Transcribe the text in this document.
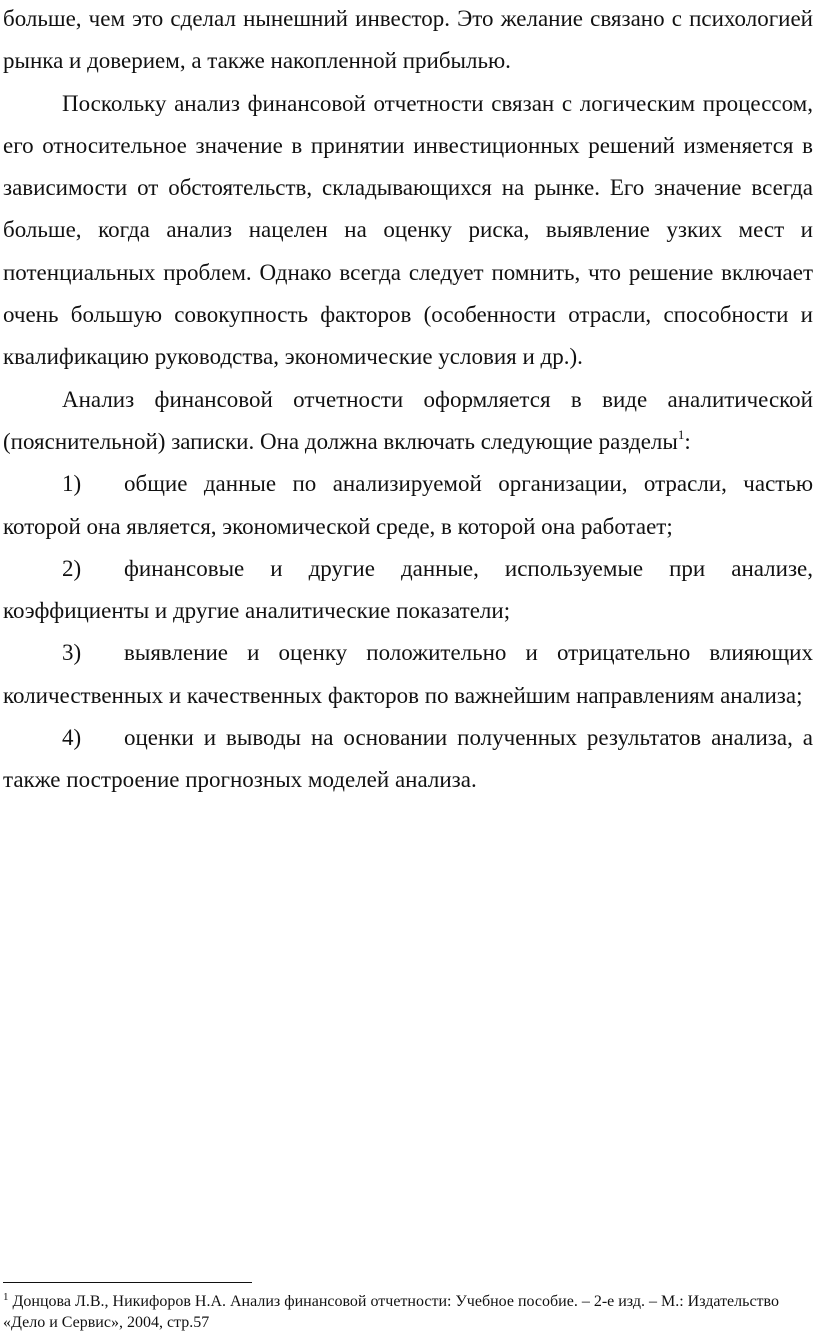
больше, чем это сделал нынешний инвестор. Это желание связано с психологией рынка и доверием, а также накопленной прибылью.

Поскольку анализ финансовой отчетности связан с логическим процессом, его относительное значение в принятии инвестиционных решений изменяется в зависимости от обстоятельств, складывающихся на рынке. Его значение всегда больше, когда анализ нацелен на оценку риска, выявление узких мест и потенциальных проблем. Однако всегда следует помнить, что решение включает очень большую совокупность факторов (особенности отрасли, способности и квалификацию руководства, экономические условия и др.).

Анализ финансовой отчетности оформляется в виде аналитической (пояснительной) записки. Она должна включать следующие разделы$^1$:

1) общие данные по анализируемой организации, отрасли, частью которой она является, экономической среде, в которой она работает;

2) финансовые и другие данные, используемые при анализе, коэффициенты и другие аналитические показатели;

3) выявление и оценку положительно и отрицательно влияющих количественных и качественных факторов по важнейшим направлениям анализа;

4) оценки и выводы на основании полученных результатов анализа, а также построение прогнозных моделей анализа.

$^1$ Донцова Л.В., Никифоров Н.А. Анализ финансовой отчетности: Учебное пособие. – 2-е изд. – М.: Издательство «Дело и Сервис», 2004, стр.57
